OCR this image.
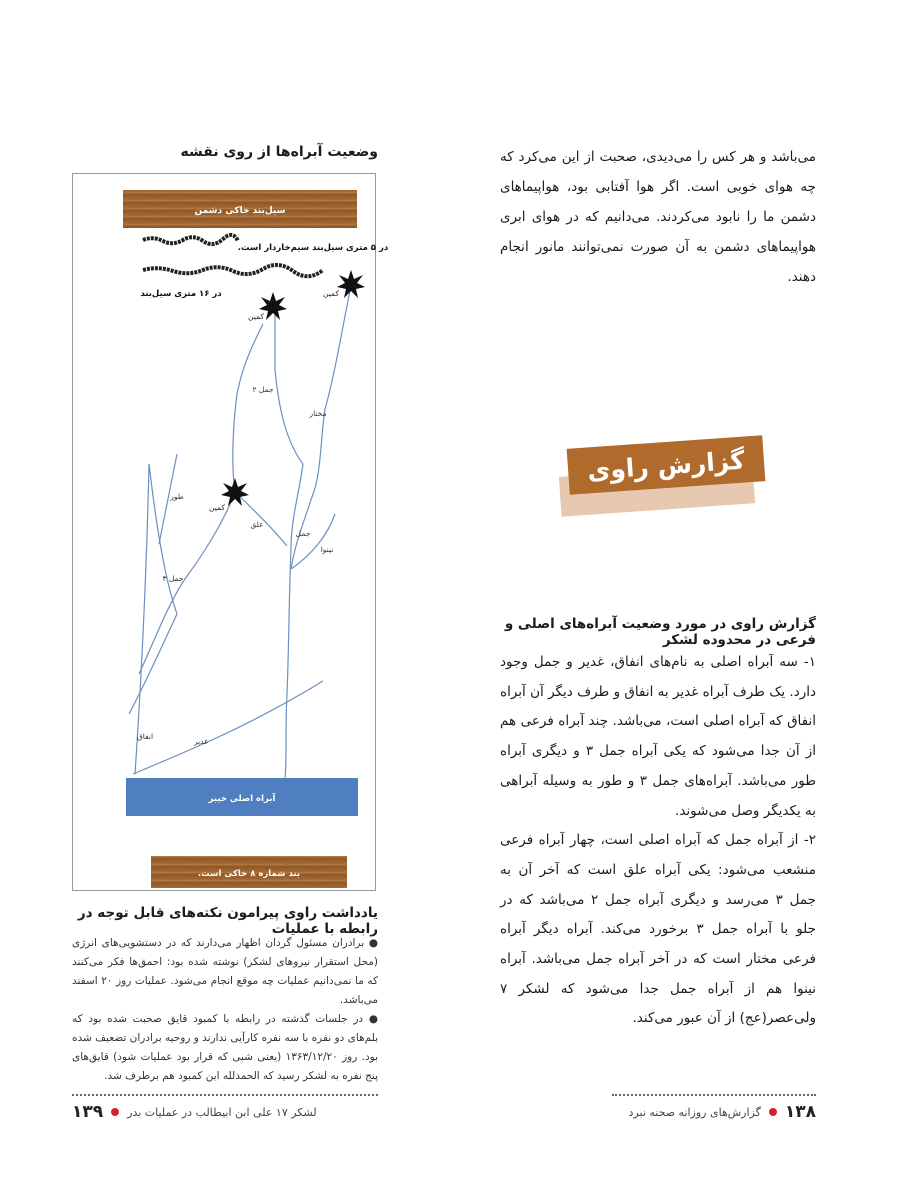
می‌باشد و هر کس را می‌دیدی، صحبت از این می‌کرد که چه هوای خوبی است. اگر هوا آفتابی بود، هواپیماهای دشمن ما را نابود می‌کردند. می‌دانیم که در هوای ابری هواپیماهای دشمن به آن صورت نمی‌توانند مانور انجام دهند.
گزارش راوی
گزارش راوی در مورد وضعیت آبراه‌های اصلی و فرعی در محدوده لشکر

۱- سه آبراه اصلی به نام‌های انفاق، غدیر و جمل وجود دارد. یک طرف آبراه غدیر به انفاق و طرف دیگر آن آبراه انفاق که آبراه اصلی است، می‌باشد. چند آبراه فرعی هم از آن جدا می‌شود که یکی آبراه جمل ۳ و دیگری آبراه طور می‌باشد. آبراه‌های جمل ۳ و طور به وسیله آبراهی به یکدیگر وصل می‌شوند.

۲- از آبراه جمل که آبراه اصلی است، چهار آبراه فرعی منشعب می‌شود: یکی آبراه علق است که آخر آن به جمل ۳ می‌رسد و دیگری آبراه جمل ۲ می‌باشد که در جلو با آبراه جمل ۳ برخورد می‌کند. آبراه دیگر آبراه فرعی مختار است که در آخر آبراه جمل می‌باشد. آبراه نینوا هم از آبراه جمل جدا می‌شود که لشکر ۷ ولی‌عصر(عج) از آن عبور می‌کند.

وضعیت آبراه‌ها از روی نقشه
سیل‌بند خاکی دشمن
در ۵ متری سیل‌بند سیم‌خاردار است.
در ۱۶ متری سیل‌بند	کمین
کمین
کمین
جمل ۲
مختار
طور
علق
جمل
نینوا
جمل ۳
انفاق
غدیر
آبراه اصلی خیبر
بند شماره ۸ خاکی است.
یادداشت راوی پیرامون نکته‌های قابل توجه در رابطه با عملیات

● برادران مسئول گردان اظهار می‌دارند که در دستشویی‌های انرژی (محل استقرار نیروهای لشکر) نوشته شده بود: احمق‌ها فکر می‌کنند که ما نمی‌دانیم عملیات چه موقع انجام می‌شود. عملیات روز ۲۰ اسفند می‌باشد.

● در جلسات گذشته در رابطه با کمبود قایق صحبت شده بود که بلم‌های دو نفره با سه نفره کارآیی ندارند و روحیه برادران تضعیف شده بود. روز ۱۳۶۳/۱۲/۲۰ (یعنی شبی که قرار بود عملیات شود) قایق‌های پنج نفره به لشکر رسید که الحمدلله این کمبود هم برطرف شد.

۱۳۹ لشکر ۱۷ علی ابن ابیطالب در عملیات بدر	۱۳۸
گزارش‌های روزانه صحنه نبرد
